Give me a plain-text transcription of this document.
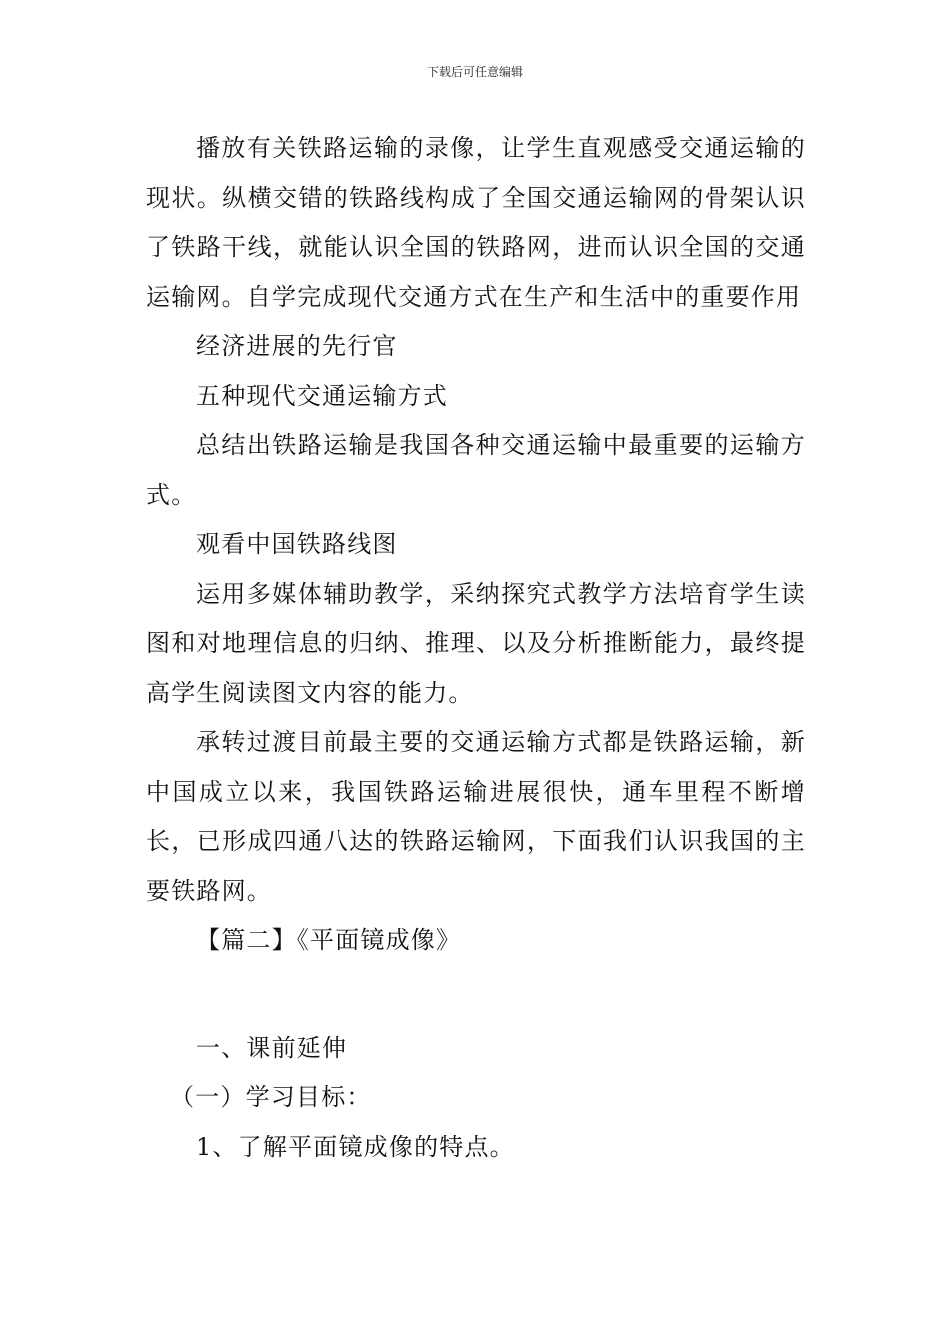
下载后可任意编辑

播放有关铁路运输的录像，让学生直观感受交通运输的现状。纵横交错的铁路线构成了全国交通运输网的骨架认识了铁路干线，就能认识全国的铁路网，进而认识全国的交通运输网。自学完成现代交通方式在生产和生活中的重要作用

经济进展的先行官

五种现代交通运输方式

总结出铁路运输是我国各种交通运输中最重要的运输方式。

观看中国铁路线图

运用多媒体辅助教学，采纳探究式教学方法培育学生读图和对地理信息的归纳、推理、以及分析推断能力，最终提高学生阅读图文内容的能力。

承转过渡目前最主要的交通运输方式都是铁路运输，新中国成立以来，我国铁路运输进展很快，通车里程不断增长，已形成四通八达的铁路运输网，下面我们认识我国的主要铁路网。

【篇二】《平面镜成像》

一、课前延伸

（一）学习目标：

1、了解平面镜成像的特点。
